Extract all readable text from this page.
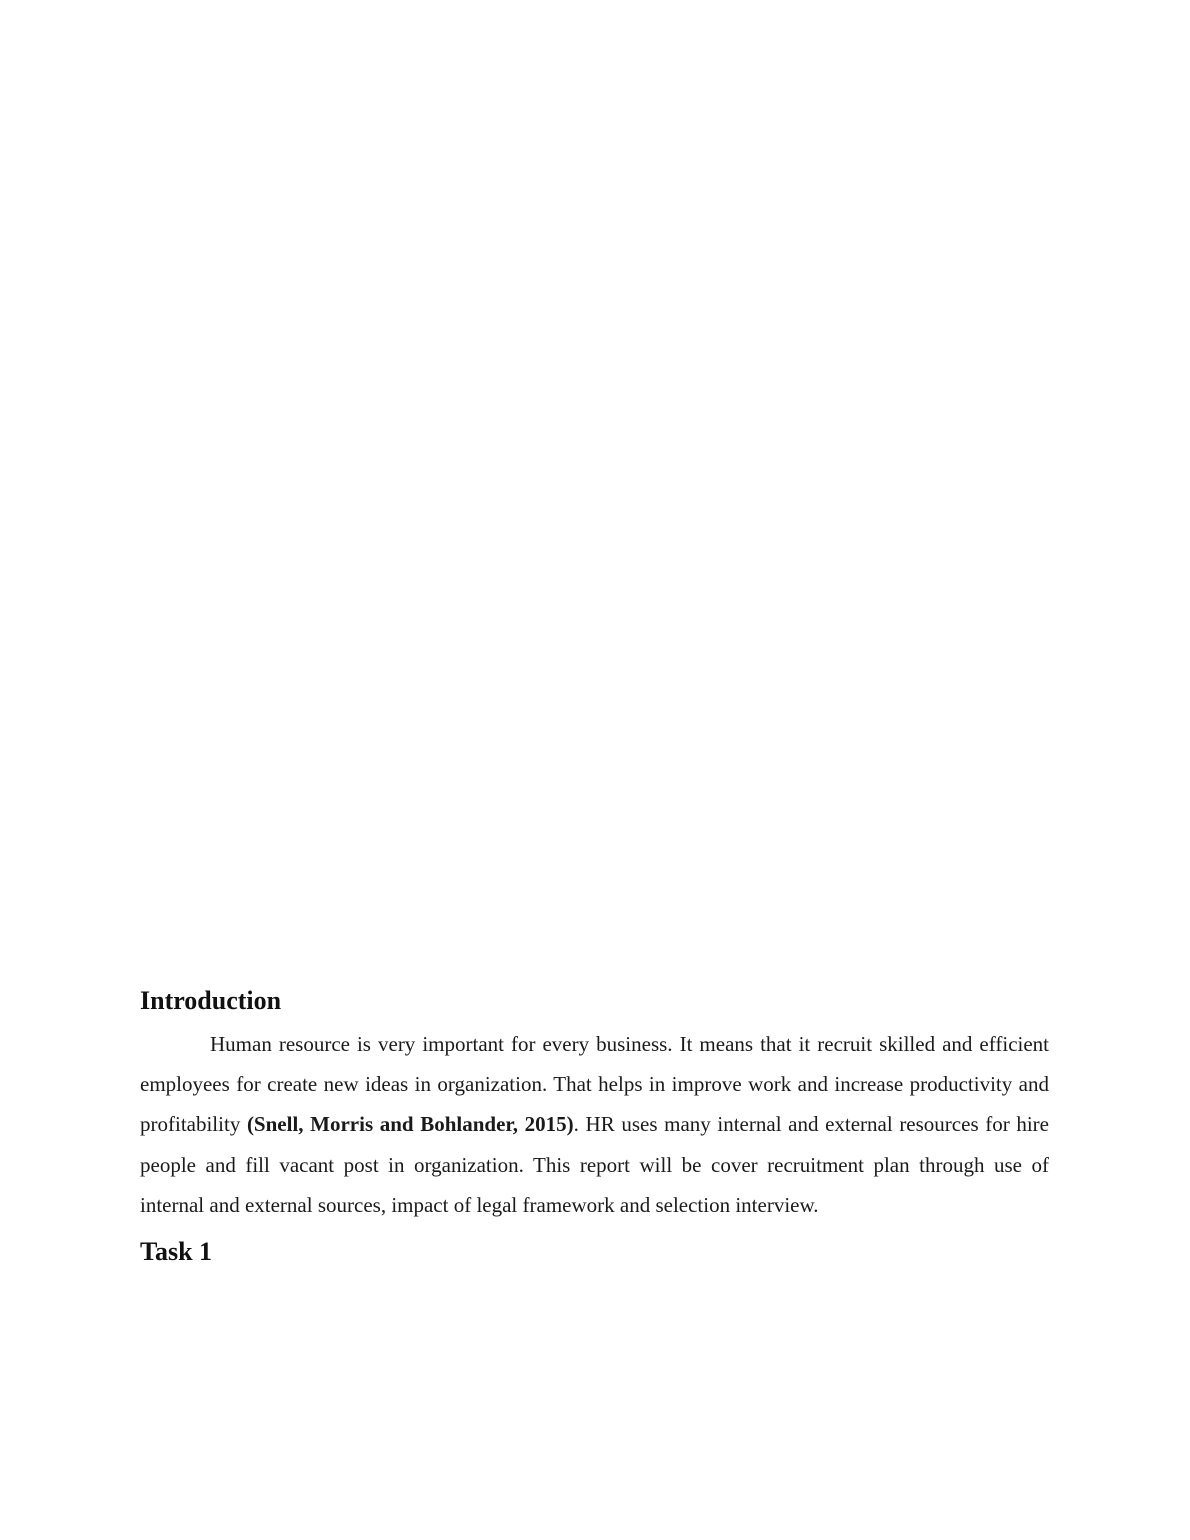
Introduction

Human resource is very important for every business. It means that it recruit skilled and efficient employees for create new ideas in organization. That helps in improve work and increase productivity and profitability (Snell, Morris and Bohlander, 2015). HR uses many internal and external resources for hire people and fill vacant post in organization. This report will be cover recruitment plan through use of internal and external sources, impact of legal framework and selection interview.

Task 1
